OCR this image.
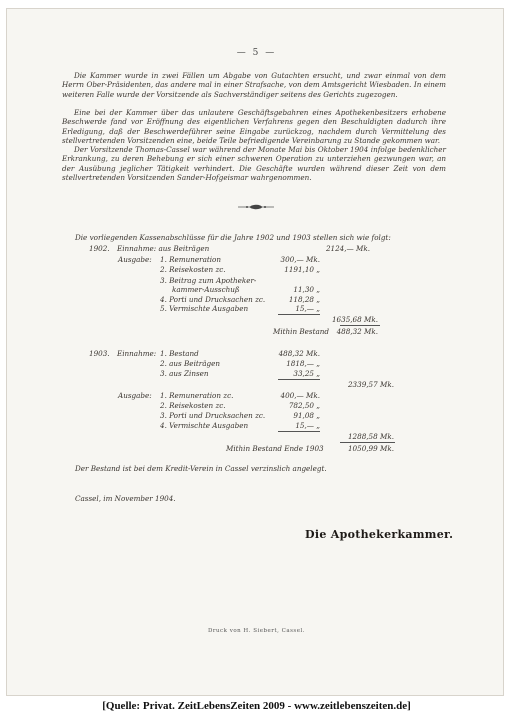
— 5 —

Die Kammer wurde in zwei Fällen um Abgabe von Gutachten ersucht, und zwar einmal von dem Herrn Ober-Präsidenten, das andere mal in einer Strafsache, von dem Amtsgericht Wiesbaden. In einem weiteren Falle wurde der Vorsitzende als Sachverständiger seitens des Gerichts zugezogen.

Eine bei der Kammer über das unlautere Geschäftsgebahren eines Apothekenbesitzers erhobene Beschwerde fand vor Eröffnung des eigentlichen Verfahrens gegen den Beschuldigten dadurch ihre Erledigung, daß der Beschwerdeführer seine Eingabe zurückzog, nachdem durch Vermittelung des stellvertretenden Vorsitzenden eine, beide Teile befriedigende Vereinbarung zu Stande gekommen war.

Der Vorsitzende Thomas-Cassel war während der Monate Mai bis Oktober 1904 infolge bedenklicher Erkrankung, zu deren Behebung er sich einer schweren Operation zu unterziehen gezwungen war, an der Ausübung jeglicher Tätigkeit verhindert. Die Geschäfte wurden während dieser Zeit von dem stellvertretenden Vorsitzenden Sander-Hofgeismar wahrgenommen.

Die vorliegenden Kassenabschlüsse für die Jahre 1902 und 1903 stellen sich wie folgt:

1902. Einnahme: aus Beiträgen	2124,— Mk.
Ausgabe: 1. Remuneration	300,— Mk.
2. Reisekosten zc.	1191,10 „
3. Beitrag zum Apotheker-
kammer-Ausschuß	11,30 „
4. Porti und Drucksachen zc.	118,28 „
5. Vermischte Ausgaben	15,— „
1635,68 Mk.
Mithin Bestand	488,32 Mk.
1903. Einnahme: 1. Bestand	488,32 Mk.
2. aus Beiträgen	1818,— „
3. aus Zinsen	33,25 „
2339,57 Mk.
Ausgabe: 1. Remuneration zc.	400,— Mk.
2. Reisekosten zc.	782,50 „
3. Porti und Drucksachen zc.	91,08 „
4. Vermischte Ausgaben	15,— „
1288,58 Mk.
Mithin Bestand Ende 1903	1050,99 Mk.

Der Bestand ist bei dem Kredit-Verein in Cassel verzinslich angelegt.

Cassel, im November 1904.

Die Apothekerkammer.
Druck von H. Siebert, Cassel.
[Quelle: Privat. ZeitLebensZeiten 2009 - www.zeitlebenszeiten.de]
